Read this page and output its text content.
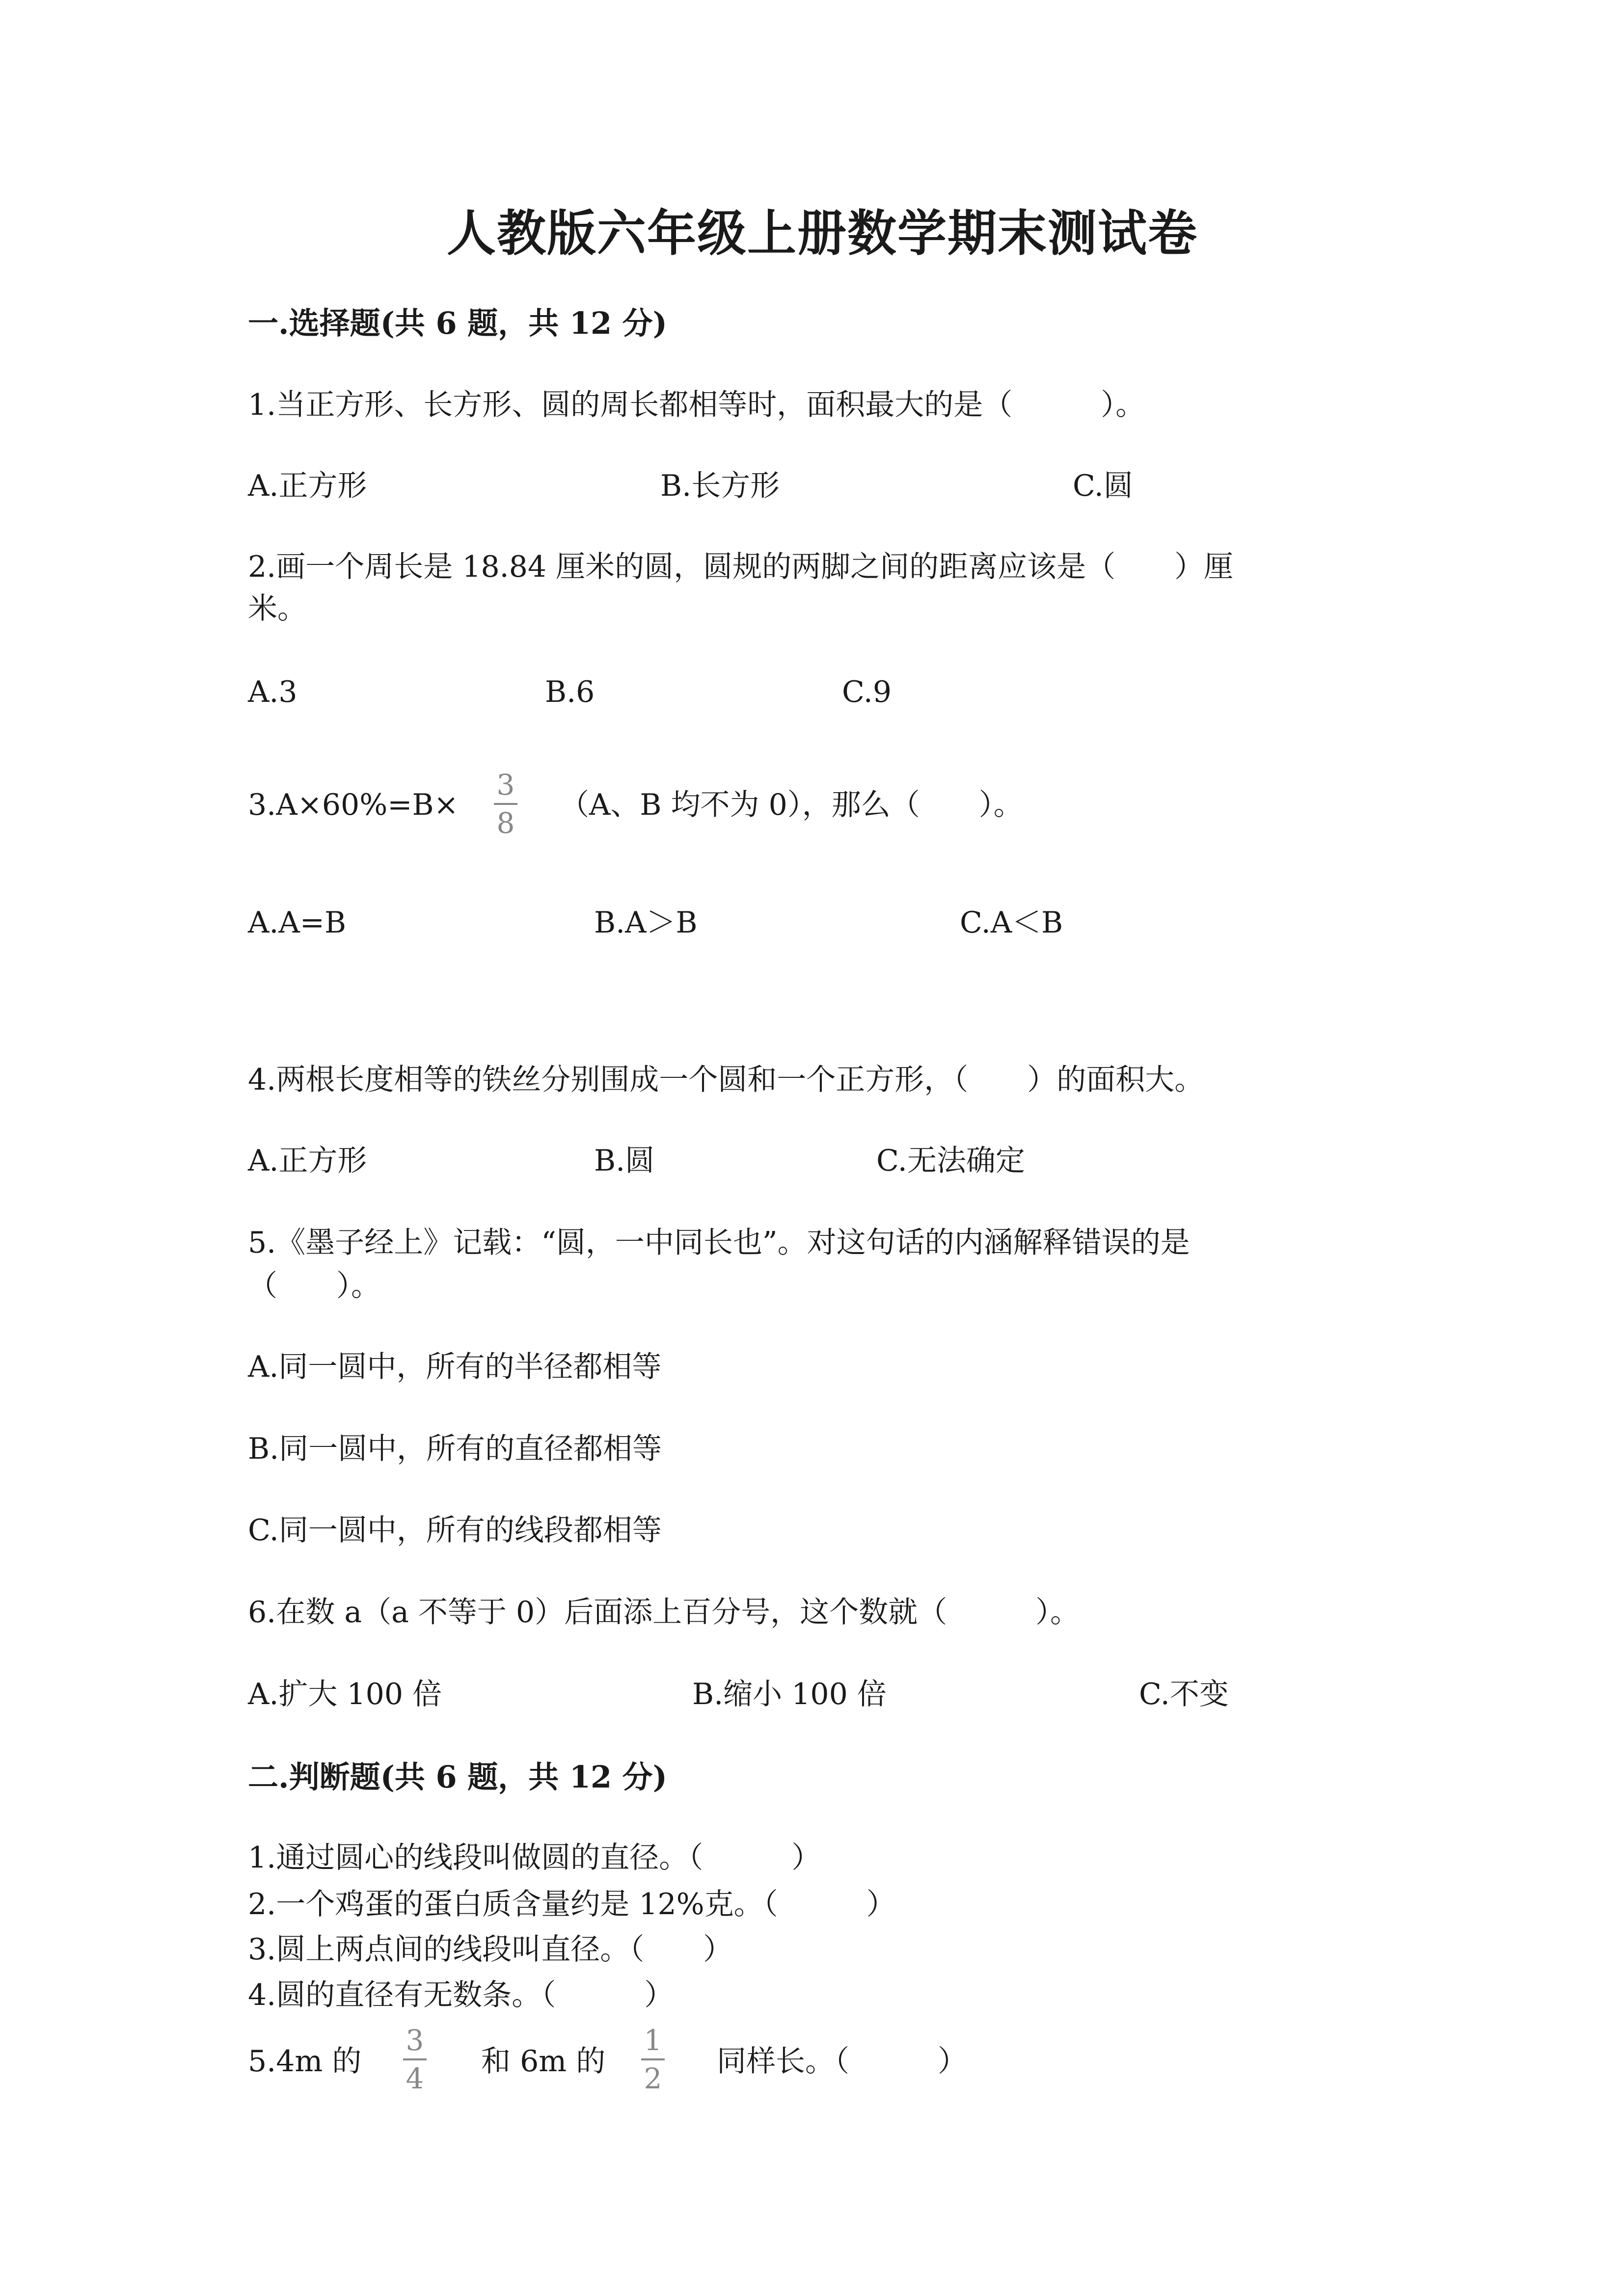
人教版六年级上册数学期末测试卷
一.选择题(共 6 题，共 12 分)
1.当正方形、长方形、圆的周长都相等时，面积最大的是（　　　）。
A.正方形	B.长方形	C.圆
2.画一个周长是 18.84 厘米的圆，圆规的两脚之间的距离应该是（　　）厘
米。
A.3	B.6	C.9
3.A×60%=B×
3
8
（A、B 均不为 0），那么（　　）。
A.A=B	B.A＞B	C.A＜B
4.两根长度相等的铁丝分别围成一个圆和一个正方形，（　　）的面积大。
A.正方形	B.圆	C.无法确定
5.《墨子经上》记载：“圆，一中同长也”。对这句话的内涵解释错误的是
（　　）。
A.同一圆中，所有的半径都相等
B.同一圆中，所有的直径都相等
C.同一圆中，所有的线段都相等
6.在数 a（a 不等于 0）后面添上百分号，这个数就（　　　）。
A.扩大 100 倍	B.缩小 100 倍	C.不变
二.判断题(共 6 题，共 12 分)
1.通过圆心的线段叫做圆的直径。（　　　）
2.一个鸡蛋的蛋白质含量约是 12%克。（　　　）
3.圆上两点间的线段叫直径。（　　）
4.圆的直径有无数条。（　　　）
5.4m 的
3
4 和 6m 的
1
2 同样长。（　　　）
